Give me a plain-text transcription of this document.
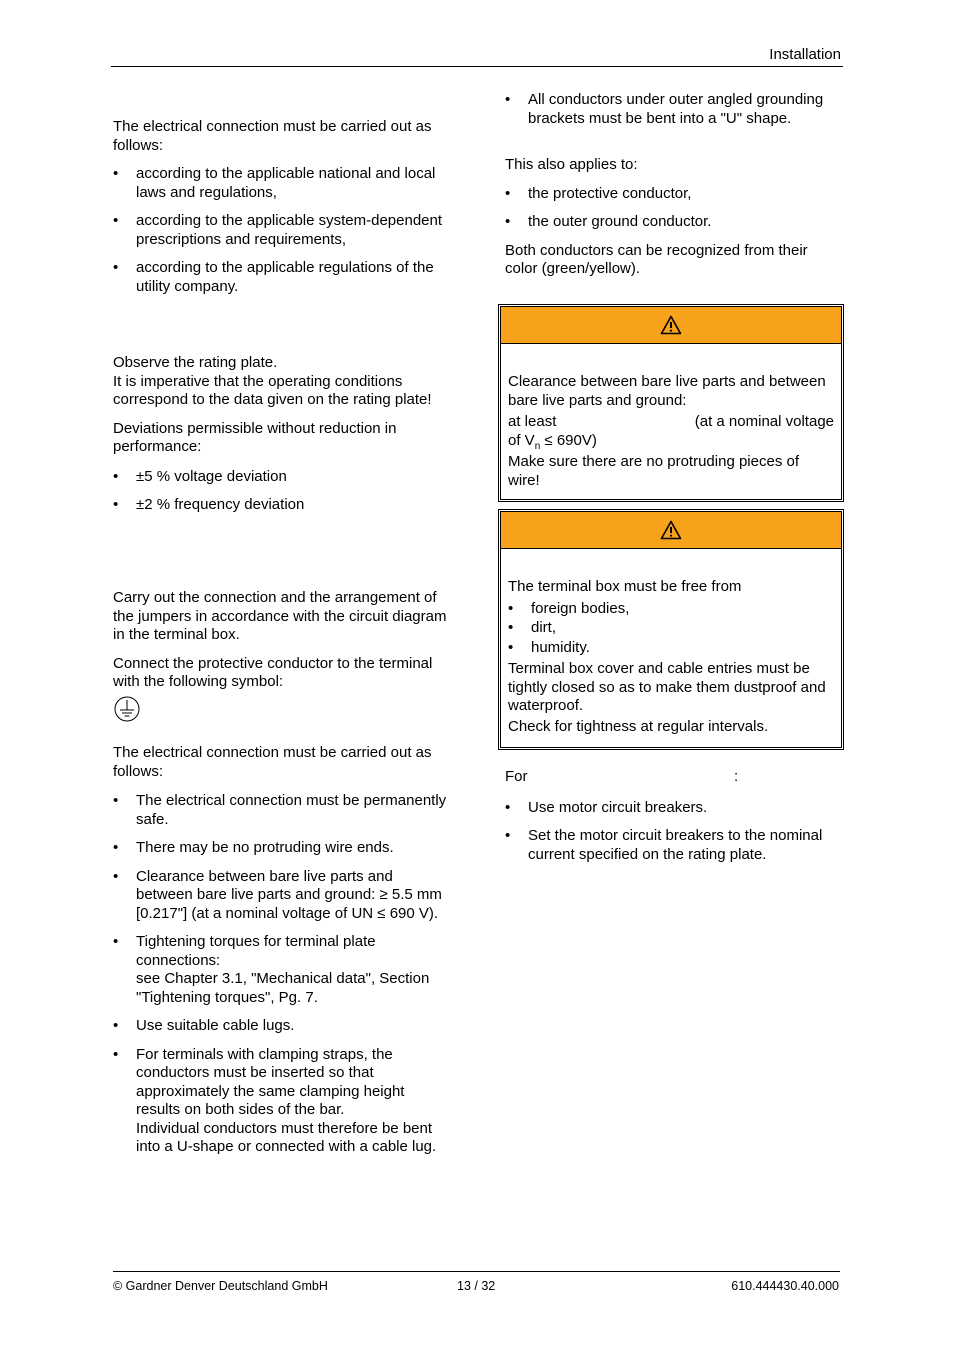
Installation

The electrical connection must be carried out as follows:

• according to the applicable national and local laws and regulations,
• according to the applicable system-dependent prescriptions and requirements,
• according to the applicable regulations of the utility company.

Observe the rating plate.

It is imperative that the operating conditions correspond to the data given on the rating plate!

Deviations permissible without reduction in performance:

• ±5 % voltage deviation
• ±2 % frequency deviation

Carry out the connection and the arrangement of the jumpers in accordance with the circuit diagram in the terminal box.

Connect the protective conductor to the terminal with the following symbol:

The electrical connection must be carried out as follows:

• The electrical connection must be permanently safe.
• There may be no protruding wire ends.
• Clearance between bare live parts and between bare live parts and ground: ≥ 5.5 mm [0.217"] (at a nominal voltage of UN ≤ 690 V).
• Tightening torques for terminal plate connections:
see Chapter 3.1, "Mechanical data", Section "Tightening torques", Pg. 7.
• Use suitable cable lugs.
• For terminals with clamping straps, the conductors must be inserted so that approximately the same clamping height results on both sides of the bar.
Individual conductors must therefore be bent into a U-shape or connected with a cable lug.
• All conductors under outer angled grounding brackets must be bent into a "U" shape.

This also applies to:

• the protective conductor,
• the outer ground conductor.

Both conductors can be recognized from their color (green/yellow).

Clearance between bare live parts and between bare live parts and ground:
at least	(at a nominal voltage
of $V_n \le 690V$)
Make sure there are no protruding pieces of wire!
The terminal box must be free from
• foreign bodies,
• dirt,
• humidity.
Terminal box cover and cable entries must be tightly closed so as to make them dustproof and waterproof.
Check for tightness at regular intervals.
For	:
• Use motor circuit breakers.
• Set the motor circuit breakers to the nominal current specified on the rating plate.
© Gardner Denver Deutschland GmbH	13 / 32	610.444430.40.000
